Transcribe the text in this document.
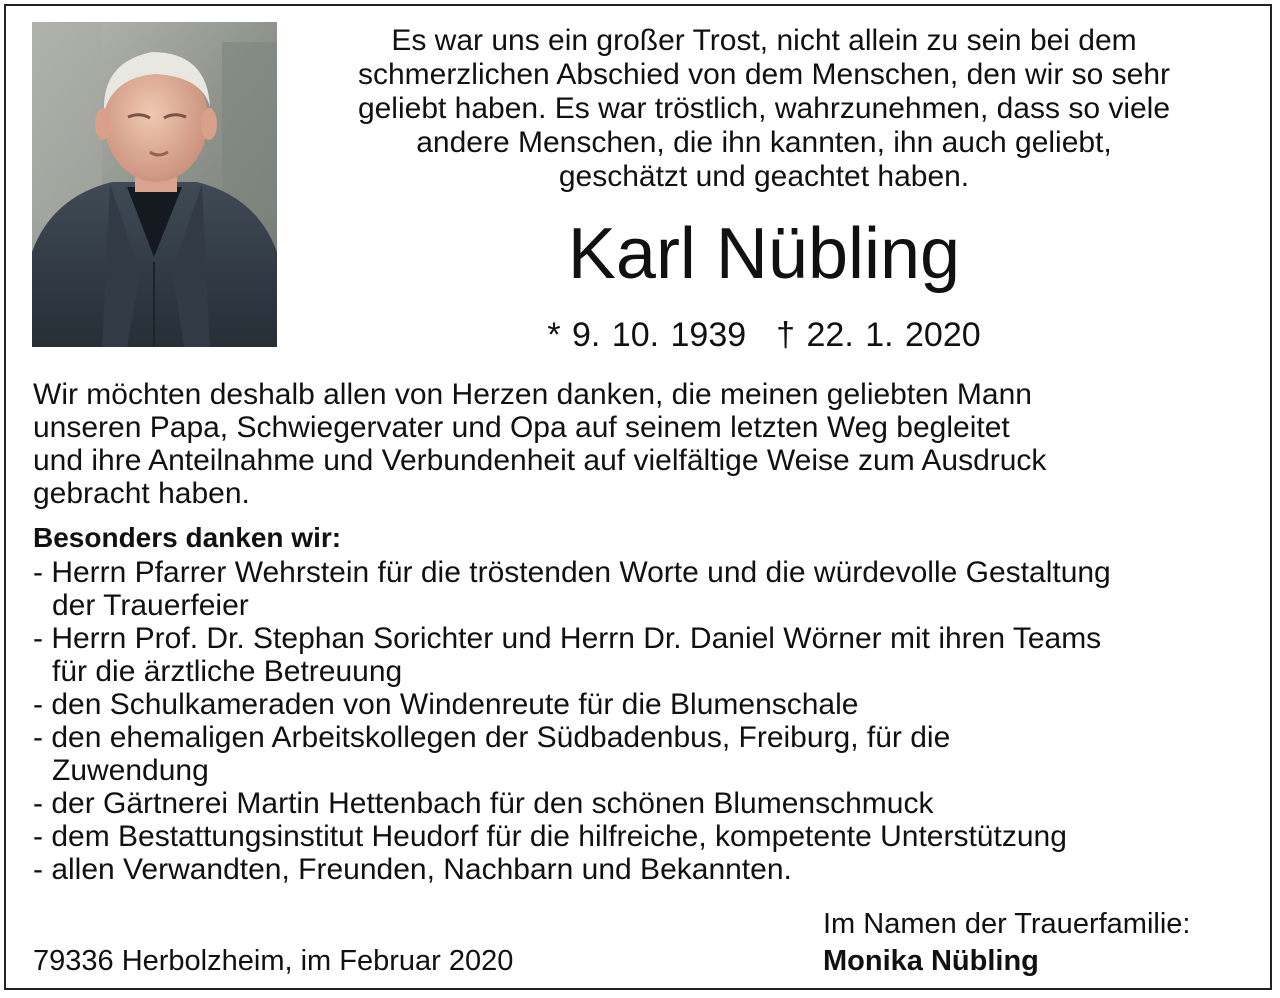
Es war uns ein großer Trost, nicht allein zu sein bei dem
schmerzlichen Abschied von dem Menschen, den wir so sehr
geliebt haben. Es war tröstlich, wahrzunehmen, dass so viele
andere Menschen, die ihn kannten, ihn auch geliebt,
geschätzt und geachtet haben.
Karl Nübling
* 9. 10. 1939 † 22. 1. 2020
Wir möchten deshalb allen von Herzen danken, die meinen geliebten Mann
unseren Papa, Schwiegervater und Opa auf seinem letzten Weg begleitet
und ihre Anteilnahme und Verbundenheit auf vielfältige Weise zum Ausdruck
gebracht haben.
Besonders danken wir:
- Herrn Pfarrer Wehrstein für die tröstenden Worte und die würdevolle Gestaltung
der Trauerfeier
- Herrn Prof. Dr. Stephan Sorichter und Herrn Dr. Daniel Wörner mit ihren Teams
für die ärztliche Betreuung
- den Schulkameraden von Windenreute für die Blumenschale
- den ehemaligen Arbeitskollegen der Südbadenbus, Freiburg, für die
Zuwendung
- der Gärtnerei Martin Hettenbach für den schönen Blumenschmuck
- dem Bestattungsinstitut Heudorf für die hilfreiche, kompetente Unterstützung
- allen Verwandten, Freunden, Nachbarn und Bekannten.
Im Namen der Trauerfamilie:
Monika Nübling
79336 Herbolzheim, im Februar 2020
